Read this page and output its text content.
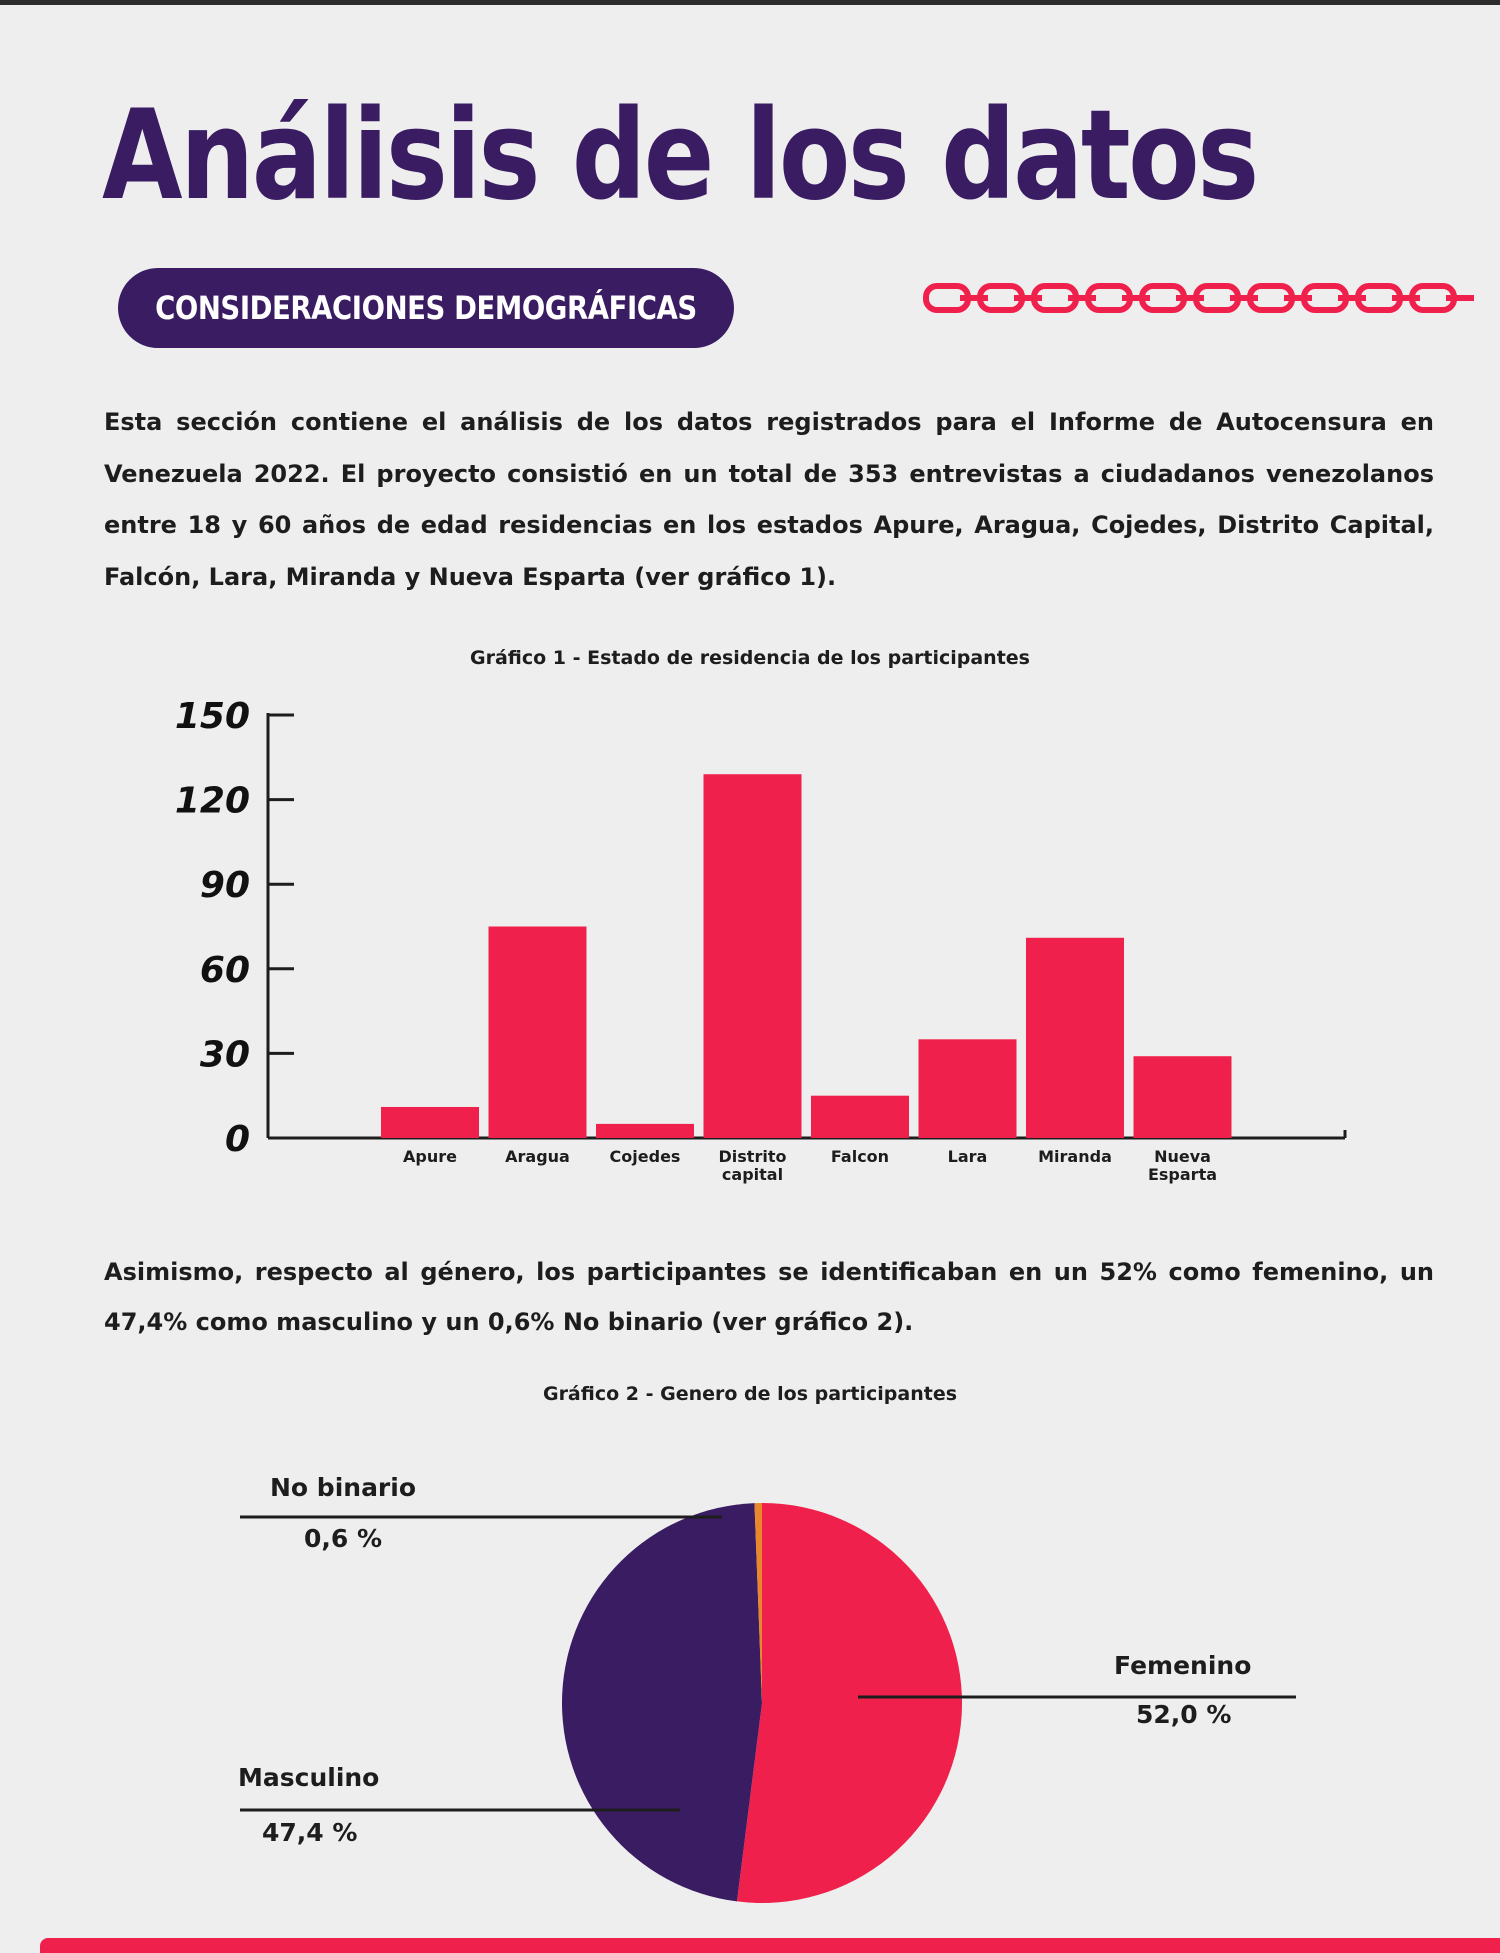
Análisis de los datos
CONSIDERACIONES DEMOGRÁFICAS

Esta sección contiene el análisis de los datos registrados para el Informe de Autocensura en Venezuela 2022. El proyecto consistió en un total de 353 entrevistas a ciudadanos venezolanos entre 18 y 60 años de edad residencias en los estados Apure, Aragua, Cojedes, Distrito Capital, Falcón, Lara, Miranda y Nueva Esparta (ver gráfico 1).

Gráfico 1 - Estado de residencia de los participantes
0
30
60
90
120
150
Apure	Aragua Cojedes Distrito
capital
Falcon	Lara	Miranda	Nueva
Esparta

Asimismo, respecto al género, los participantes se identificaban en un 52% como femenino, un 47,4% como masculino y un 0,6% No binario (ver gráfico 2).

Gráfico 2 - Genero de los participantes
No binario
0,6 %
Femenino
52,0 %
Masculino
47,4 %
